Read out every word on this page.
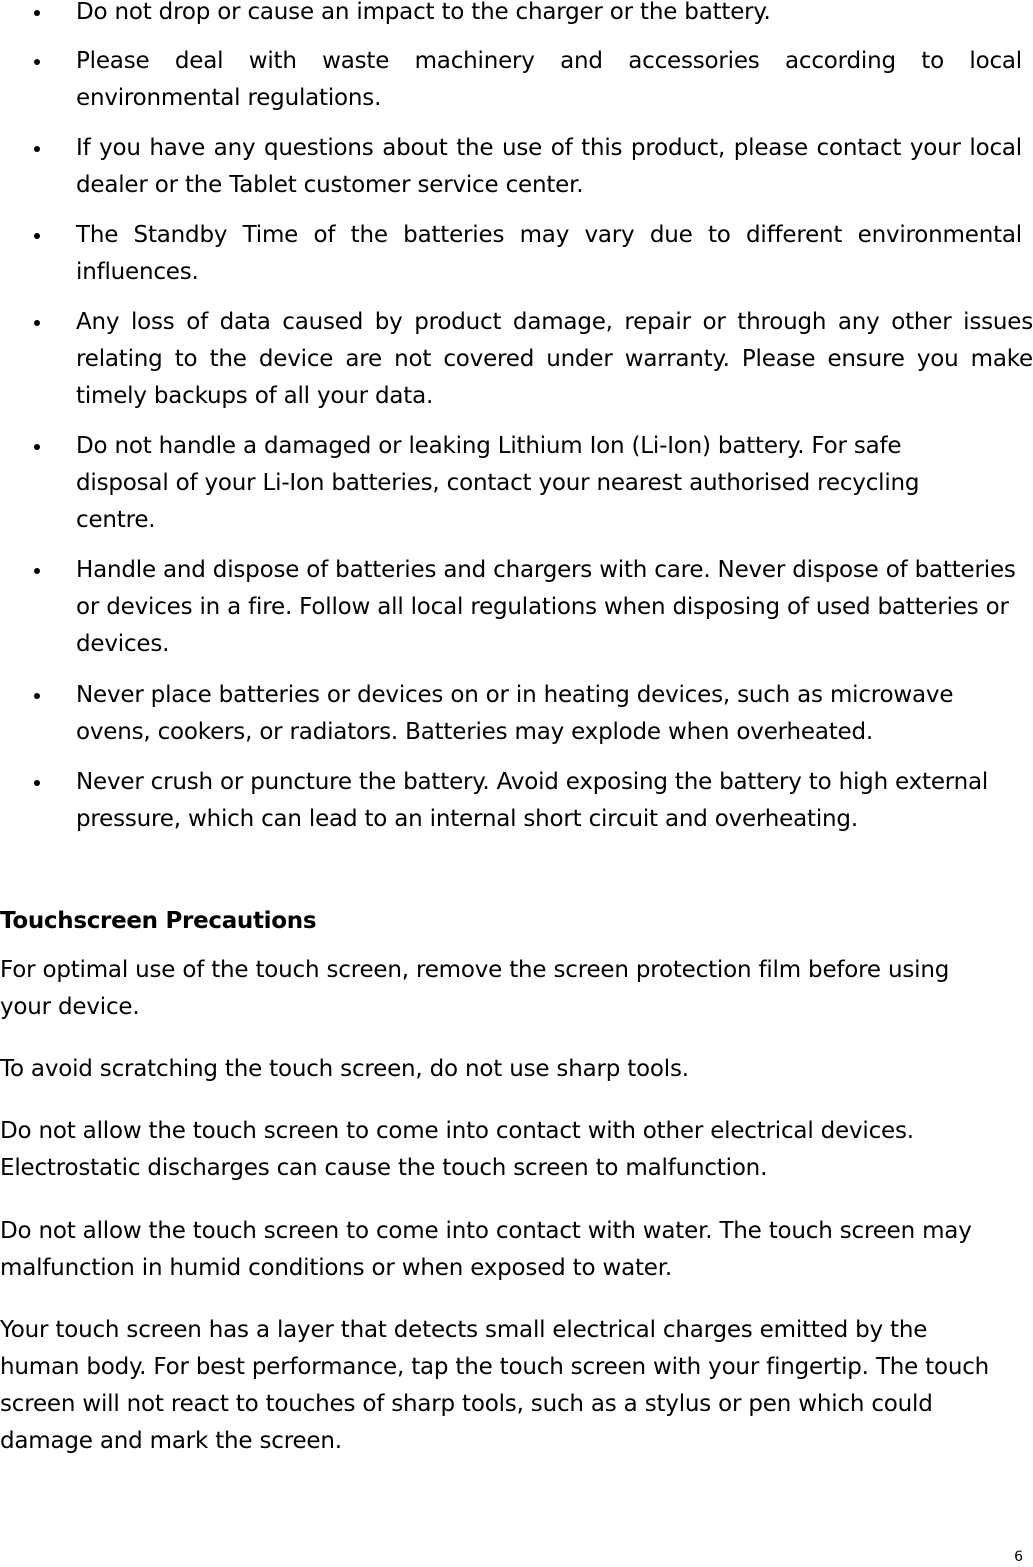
Do not drop or cause an impact to the charger or the battery.
Please deal with waste machinery and accessories according to local environmental regulations.
If you have any questions about the use of this product, please contact your local dealer or the Tablet customer service center.
The Standby Time of the batteries may vary due to different environmental influences.
Any loss of data caused by product damage, repair or through any other issues relating to the device are not covered under warranty. Please ensure you make timely backups of all your data.
Do not handle a damaged or leaking Lithium Ion (Li-Ion) battery. For safe disposal of your Li-Ion batteries, contact your nearest authorised recycling centre.
Handle and dispose of batteries and chargers with care. Never dispose of batteries or devices in a fire. Follow all local regulations when disposing of used batteries or devices.
Never place batteries or devices on or in heating devices, such as microwave ovens, cookers, or radiators. Batteries may explode when overheated.
Never crush or puncture the battery. Avoid exposing the battery to high external pressure, which can lead to an internal short circuit and overheating.
Touchscreen Precautions

For optimal use of the touch screen, remove the screen protection film before using your device.

To avoid scratching the touch screen, do not use sharp tools.

Do not allow the touch screen to come into contact with other electrical devices. Electrostatic discharges can cause the touch screen to malfunction.

Do not allow the touch screen to come into contact with water. The touch screen may malfunction in humid conditions or when exposed to water.

Your touch screen has a layer that detects small electrical charges emitted by the human body. For best performance, tap the touch screen with your fingertip. The touch screen will not react to touches of sharp tools, such as a stylus or pen which could damage and mark the screen.

6
